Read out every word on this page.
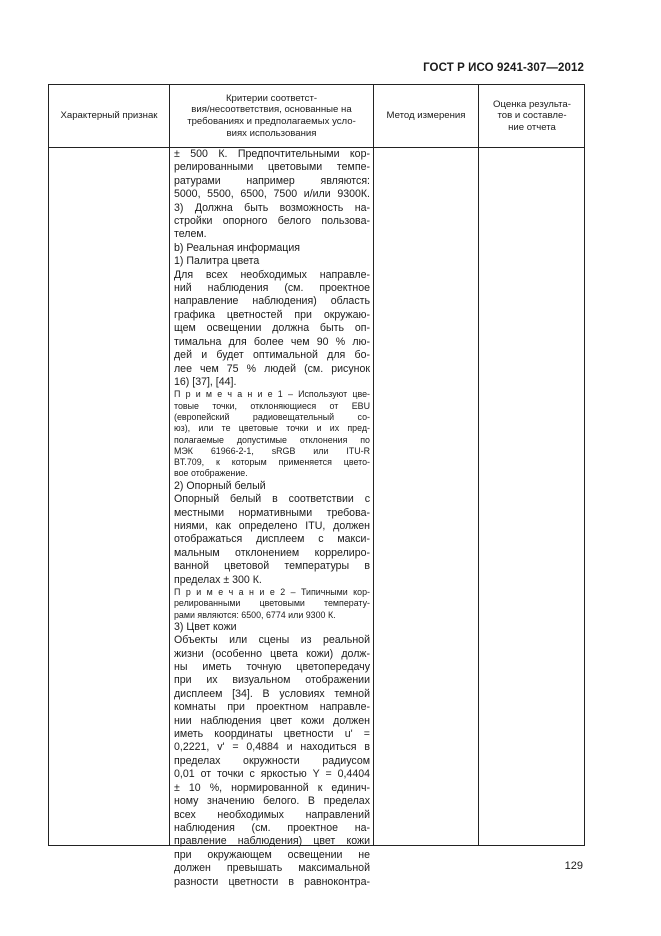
ГОСТ Р ИСО 9241-307—2012
Характерный признак
Критерии соответст-
вия/несоответствия, основанные на
требованиях и предполагаемых усло-
виях использования
Метод измерения
Оценка результа-
тов и составле-
ние отчета
± 500 К. Предпочтительными кор-
релированными цветовыми темпе-
ратурами например являются:
5000, 5500, 6500, 7500 и/или 9300К.
3) Должна быть возможность на-
стройки опорного белого пользова-
телем.
b) Реальная информация
1) Палитра цвета
Для всех необходимых направле-
ний наблюдения (см. проектное
направление наблюдения) область
графика цветностей при окружаю-
щем освещении должна быть оп-
тимальна для более чем 90 % лю-
дей и будет оптимальной для бо-
лее чем 75 % людей (см. рисунок
16) [37], [44].
П р и м е ч а н и е 1 – Используют цве-
товые точки, отклоняющиеся от EBU
(европейский радиовещательный со-
юз), или те цветовые точки и их пред-
полагаемые допустимые отклонения по
МЭК 61966-2-1, sRGB или ITU-R
BT.709, к которым применяется цвето-
вое отображение.
2) Опорный белый
Опорный белый в соответствии с
местными нормативными требова-
ниями, как определено ITU, должен
отображаться дисплеем с макси-
мальным отклонением коррелиро-
ванной цветовой температуры в
пределах ± 300 К.
П р и м е ч а н и е 2 – Типичными кор-
релированными цветовыми температу-
рами являются: 6500, 6774 или 9300 К.
3) Цвет кожи
Объекты или сцены из реальной
жизни (особенно цвета кожи) долж-
ны иметь точную цветопередачу
при их визуальном отображении
дисплеем [34]. В условиях темной
комнаты при проектном направле-
нии наблюдения цвет кожи должен
иметь координаты цветности u' =
0,2221, v' = 0,4884 и находиться в
пределах окружности радиусом
0,01 от точки с яркостью Y = 0,4404
± 10 %, нормированной к единич-
ному значению белого. В пределах
всех необходимых направлений
наблюдения (см. проектное на-
правление наблюдения) цвет кожи
при окружающем освещении не
должен превышать максимальной
разности цветности в равноконтра-
129
